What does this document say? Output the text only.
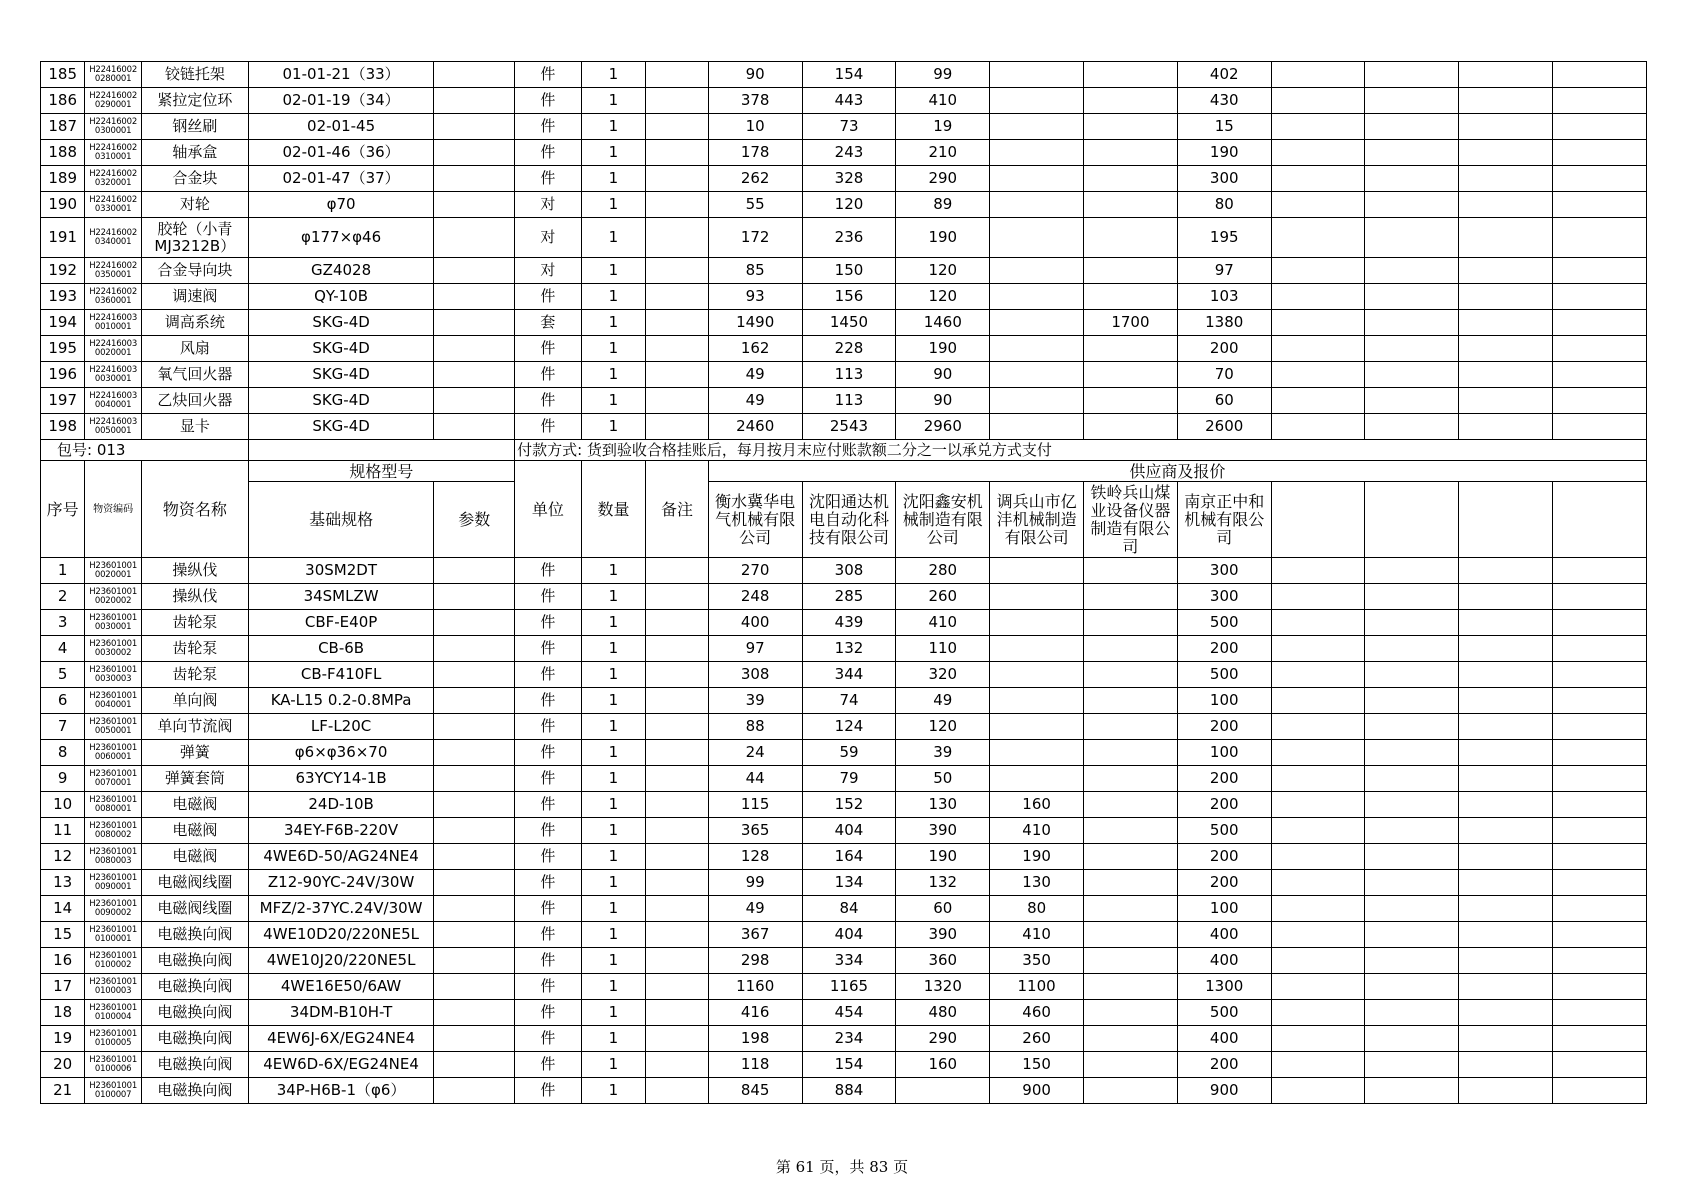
185	H22416002 0280001	铰链托架	01-01-21（33）		件	1		90	154	99			402				
186	H22416002 0290001	紧拉定位环	02-01-19（34）		件	1		378	443	410			430				
187	H22416002 0300001	钢丝刷	02-01-45		件	1		10	73	19			15				
188	H22416002 0310001	轴承盒	02-01-46（36）		件	1		178	243	210			190				
189	H22416002 0320001	合金块	02-01-47（37）		件	1		262	328	290			300				
190	H22416002 0330001	对轮	φ70		对	1		55	120	89			80				
191	H22416002 0340001	胶轮（小青MJ3212B）	φ177×φ46		对	1		172	236	190			195				
192	H22416002 0350001	合金导向块	GZ4028		对	1		85	150	120			97				
193	H22416002 0360001	调速阀	QY-10B		件	1		93	156	120			103				
194	H22416003 0010001	调高系统	SKG-4D		套	1		1490	1450	1460		1700	1380				
195	H22416003 0020001	风扇	SKG-4D		件	1		162	228	190			200				
196	H22416003 0030001	氧气回火器	SKG-4D		件	1		49	113	90			70				
197	H22416003 0040001	乙炔回火器	SKG-4D		件	1		49	113	90			60				
198	H22416003 0050001	显卡	SKG-4D		件	1		2460	2543	2960			2600				
包号: 013					付款方式: 货到验收合格挂账后，每月按月末应付账款额二分之一以承兑方式支付												
序号	物资编码	物资名称	规格型号		单位	数量	备注	供应商及报价									
			基础规格	参数				衡水冀华电气机械有限公司	沈阳通达机电自动化科技有限公司	沈阳鑫安机械制造有限公司	调兵山市亿沣机械制造有限公司	铁岭兵山煤业设备仪器制造有限公司	南京正中和机械有限公司				
1	H23601001 0020001	操纵伐	30SM2DT		件	1		270	308	280			300				
2	H23601001 0020002	操纵伐	34SMLZW		件	1		248	285	260			300				
3	H23601001 0030001	齿轮泵	CBF-E40P		件	1		400	439	410			500				
4	H23601001 0030002	齿轮泵	CB-6B		件	1		97	132	110			200				
5	H23601001 0030003	齿轮泵	CB-F410FL		件	1		308	344	320			500				
6	H23601001 0040001	单向阀	KA-L15 0.2-0.8MPa		件	1		39	74	49			100				
7	H23601001 0050001	单向节流阀	LF-L20C		件	1		88	124	120			200				
8	H23601001 0060001	弹簧	φ6×φ36×70		件	1		24	59	39			100				
9	H23601001 0070001	弹簧套筒	63YCY14-1B		件	1		44	79	50			200				
10	H23601001 0080001	电磁阀	24D-10B		件	1		115	152	130	160		200				
11	H23601001 0080002	电磁阀	34EY-F6B-220V		件	1		365	404	390	410		500				
12	H23601001 0080003	电磁阀	4WE6D-50/AG24NE4		件	1		128	164	190	190		200				
13	H23601001 0090001	电磁阀线圈	Z12-90YC-24V/30W		件	1		99	134	132	130		200				
14	H23601001 0090002	电磁阀线圈	MFZ/2-37YC.24V/30W		件	1		49	84	60	80		100				
15	H23601001 0100001	电磁换向阀	4WE10D20/220NE5L		件	1		367	404	390	410		400				
16	H23601001 0100002	电磁换向阀	4WE10J20/220NE5L		件	1		298	334	360	350		400				
17	H23601001 0100003	电磁换向阀	4WE16E50/6AW		件	1		1160	1165	1320	1100		1300				
18	H23601001 0100004	电磁换向阀	34DM-B10H-T		件	1		416	454	480	460		500				
19	H23601001 0100005	电磁换向阀	4EW6J-6X/EG24NE4		件	1		198	234	290	260		400				
20	H23601001 0100006	电磁换向阀	4EW6D-6X/EG24NE4		件	1		118	154	160	150		200				
21	H23601001 0100007	电磁换向阀	34P-H6B-1（φ6）		件	1		845	884		900		900				
第 61 页，共 83 页
